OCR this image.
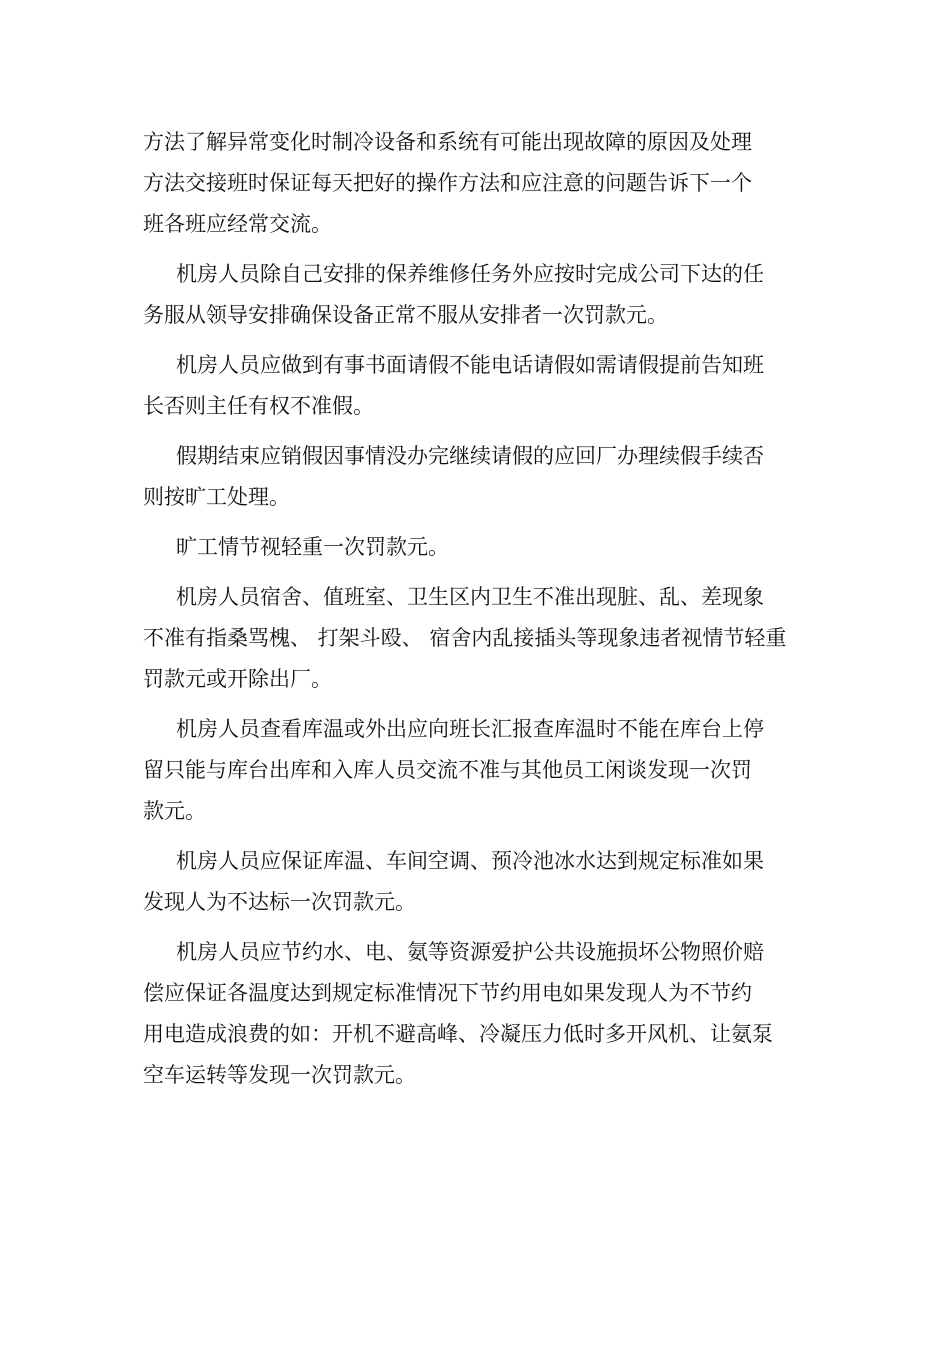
方法了解异常变化时制冷设备和系统有可能出现故障的原因及处理
方法交接班时保证每天把好的操作方法和应注意的问题告诉下一个
班各班应经常交流。
机房人员除自己安排的保养维修任务外应按时完成公司下达的任
务服从领导安排确保设备正常不服从安排者一次罚款元。
机房人员应做到有事书面请假不能电话请假如需请假提前告知班
长否则主任有权不准假。
假期结束应销假因事情没办完继续请假的应回厂办理续假手续否
则按旷工处理。
旷工情节视轻重一次罚款元。
机房人员宿舍、值班室、卫生区内卫生不准出现脏、乱、差现象
不准有指桑骂槐、 打架斗殴、 宿舍内乱接插头等现象违者视情节轻重
罚款元或开除出厂。
机房人员查看库温或外出应向班长汇报查库温时不能在库台上停
留只能与库台出库和入库人员交流不准与其他员工闲谈发现一次罚
款元。
机房人员应保证库温、车间空调、预冷池冰水达到规定标准如果
发现人为不达标一次罚款元。
机房人员应节约水、电、氨等资源爱护公共设施损坏公物照价赔
偿应保证各温度达到规定标准情况下节约用电如果发现人为不节约
用电造成浪费的如：开机不避高峰、冷凝压力低时多开风机、让氨泵
空车运转等发现一次罚款元。
